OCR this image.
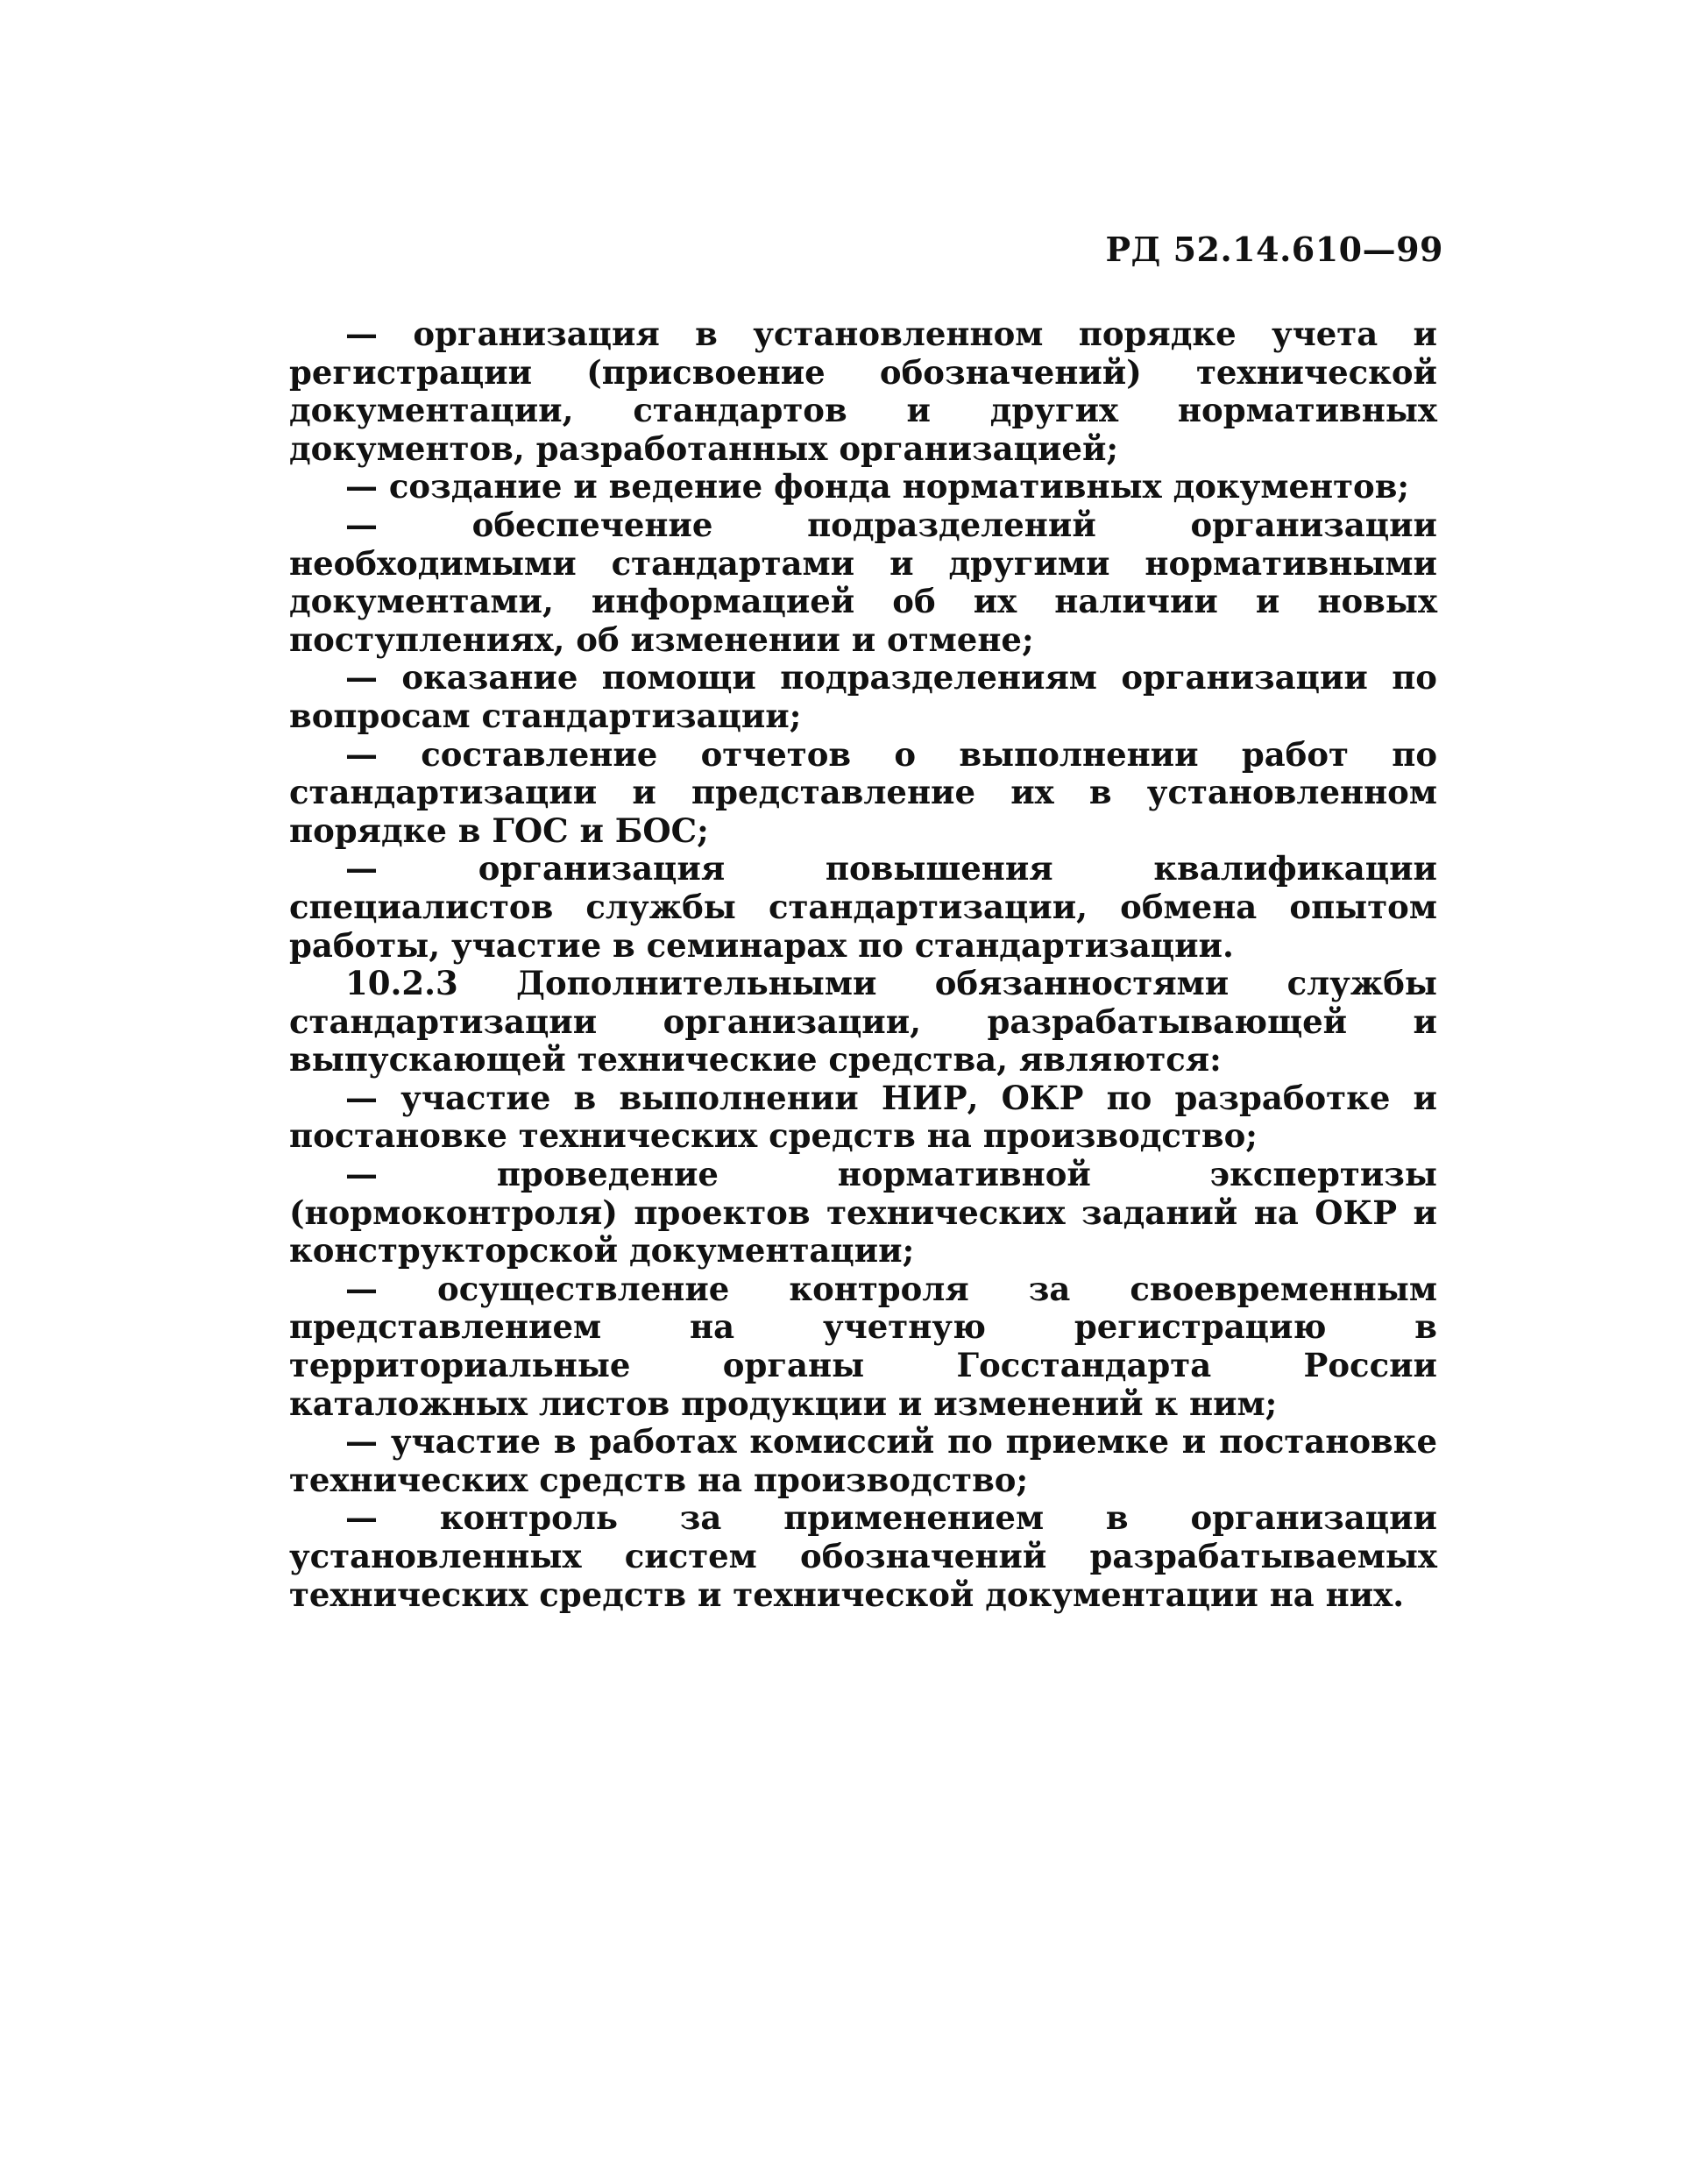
РД 52.14.610—99

— организация в установленном порядке учета и регистрации (присвоение обозначений) технической документации, стандартов и других нормативных документов, разработанных организацией;

— создание и ведение фонда нормативных документов;

— обеспечение подразделений организации необходимыми стандартами и другими нормативными документами, информацией об их наличии и новых поступлениях, об изменении и отмене;

— оказание помощи подразделениям организации по вопросам стандартизации;

— составление отчетов о выполнении работ по стандартизации и представление их в установленном порядке в ГОС и БОС;

— организация повышения квалификации специалистов службы стандартизации, обмена опытом работы, участие в семинарах по стандартизации.

10.2.3 Дополнительными обязанностями службы стандартизации организации, разрабатывающей и выпускающей технические средства, являются:

— участие в выполнении НИР, ОКР по разработке и постановке технических средств на производство;

— проведение нормативной экспертизы (нормоконтроля) проектов технических заданий на ОКР и конструкторской документации;

— осуществление контроля за своевременным представлением на учетную регистрацию в территориальные органы Госстандарта России каталожных листов продукции и изменений к ним;

— участие в работах комиссий по приемке и постановке технических средств на производство;

— контроль за применением в организации установленных систем обозначений разрабатываемых технических средств и технической документации на них.
